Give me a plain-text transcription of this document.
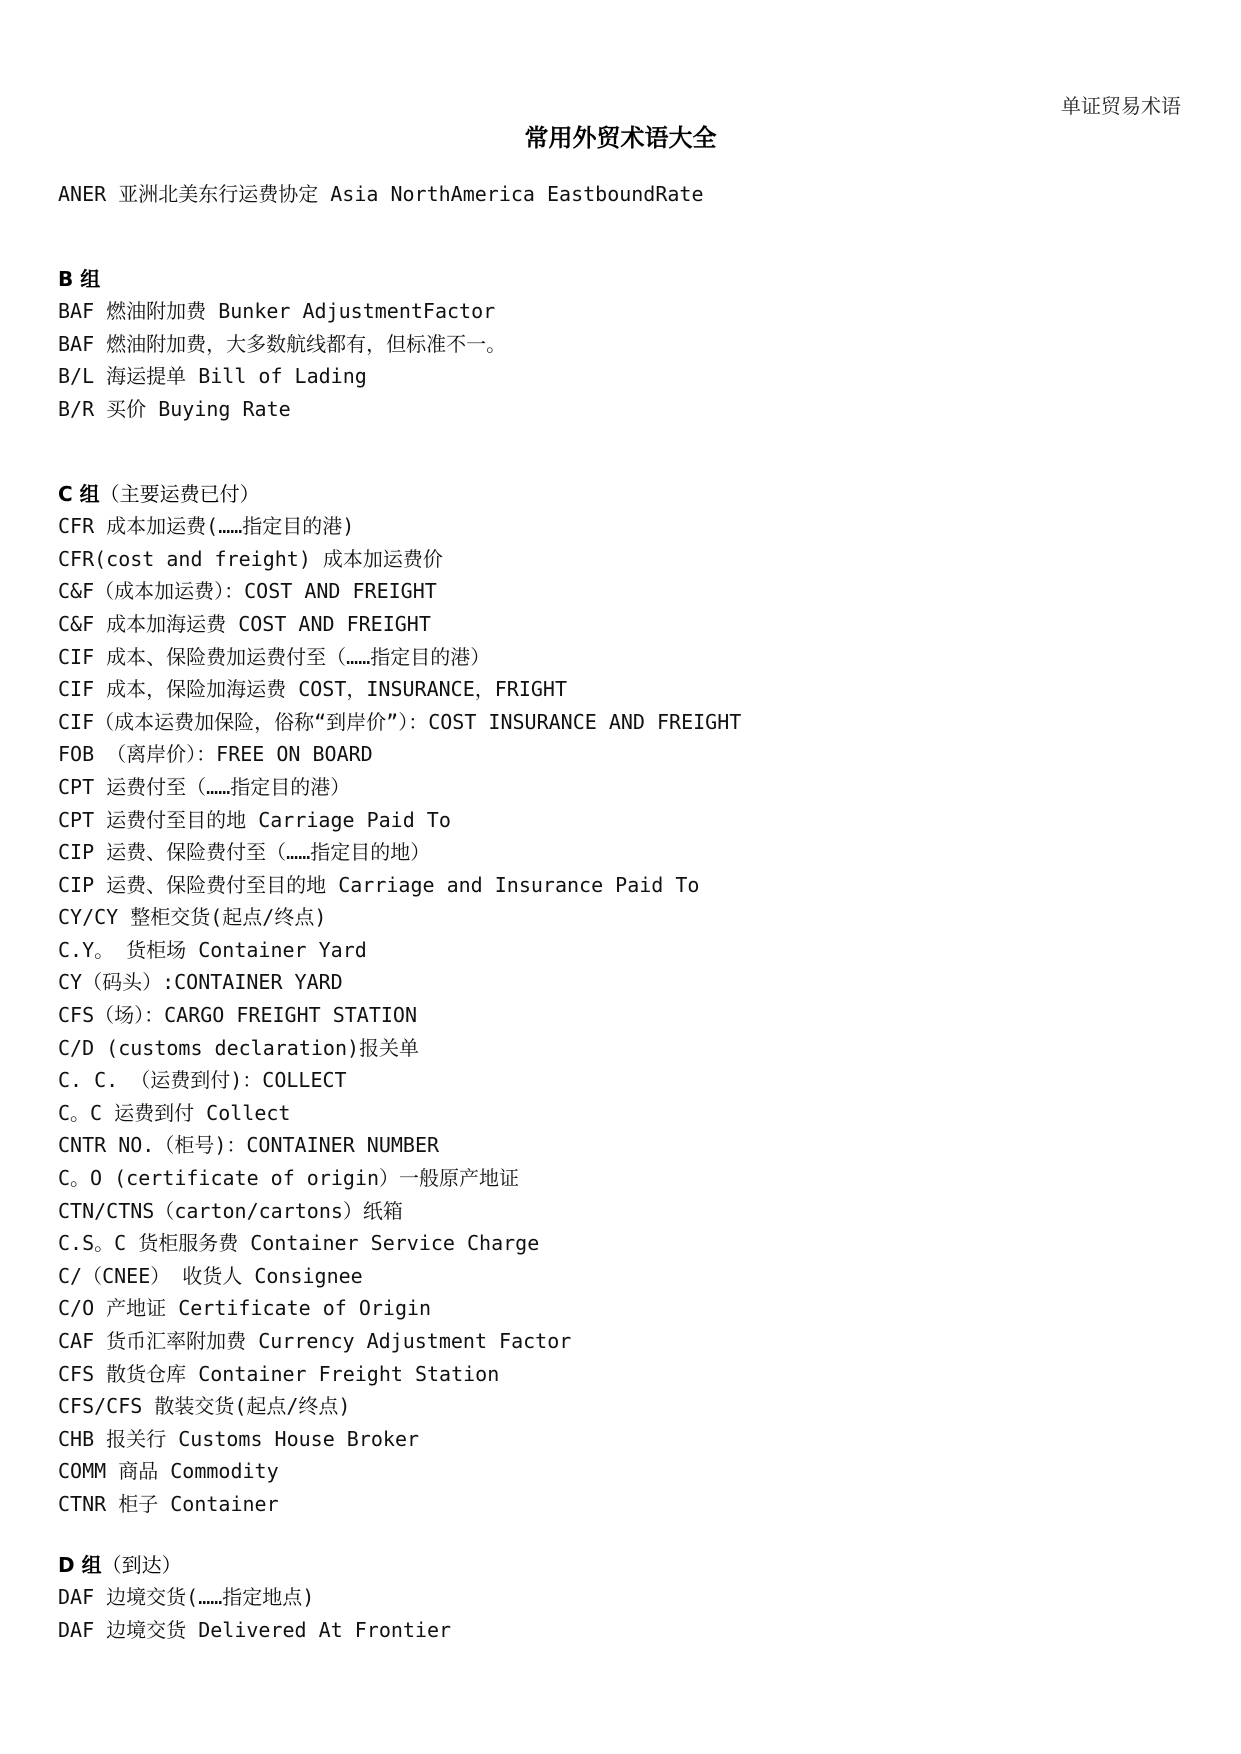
单证贸易术语
常用外贸术语大全
ANER 亚洲北美东行运费协定 Asia NorthAmerica EastboundRate
B 组
BAF 燃油附加费 Bunker AdjustmentFactor
BAF 燃油附加费，大多数航线都有，但标准不一。
B/L 海运提单 Bill of Lading
B/R 买价 Buying Rate
C 组（主要运费已付）
CFR 成本加运费(……指定目的港)
CFR(cost and freight) 成本加运费价
C&F（成本加运费）：COST AND FREIGHT
C&F 成本加海运费 COST AND FREIGHT
CIF 成本、保险费加运费付至（……指定目的港）
CIF 成本，保险加海运费 COST，INSURANCE，FRIGHT
CIF（成本运费加保险，俗称“到岸价”）：COST INSURANCE AND FREIGHT
FOB （离岸价）：FREE ON BOARD
CPT 运费付至（……指定目的港）
CPT 运费付至目的地 Carriage Paid To
CIP 运费、保险费付至（……指定目的地）
CIP 运费、保险费付至目的地 Carriage and Insurance Paid To
CY/CY 整柜交货(起点/终点)
C.Y。 货柜场 Container Yard
CY（码头）:CONTAINER YARD
CFS（场）：CARGO FREIGHT STATION
C/D (customs declaration)报关单
C. C. （运费到付)：COLLECT
C。C 运费到付 Collect
CNTR NO.（柜号)：CONTAINER NUMBER
C。O (certificate of origin）一般原产地证
CTN/CTNS（carton/cartons）纸箱
C.S。C 货柜服务费 Container Service Charge
C/（CNEE） 收货人 Consignee
C/O 产地证 Certificate of Origin
CAF 货币汇率附加费 Currency Adjustment Factor
CFS 散货仓库 Container Freight Station
CFS/CFS 散装交货(起点/终点)
CHB 报关行 Customs House Broker
COMM 商品 Commodity
CTNR 柜子 Container
D 组（到达）
DAF 边境交货(……指定地点)
DAF 边境交货 Delivered At Frontier
